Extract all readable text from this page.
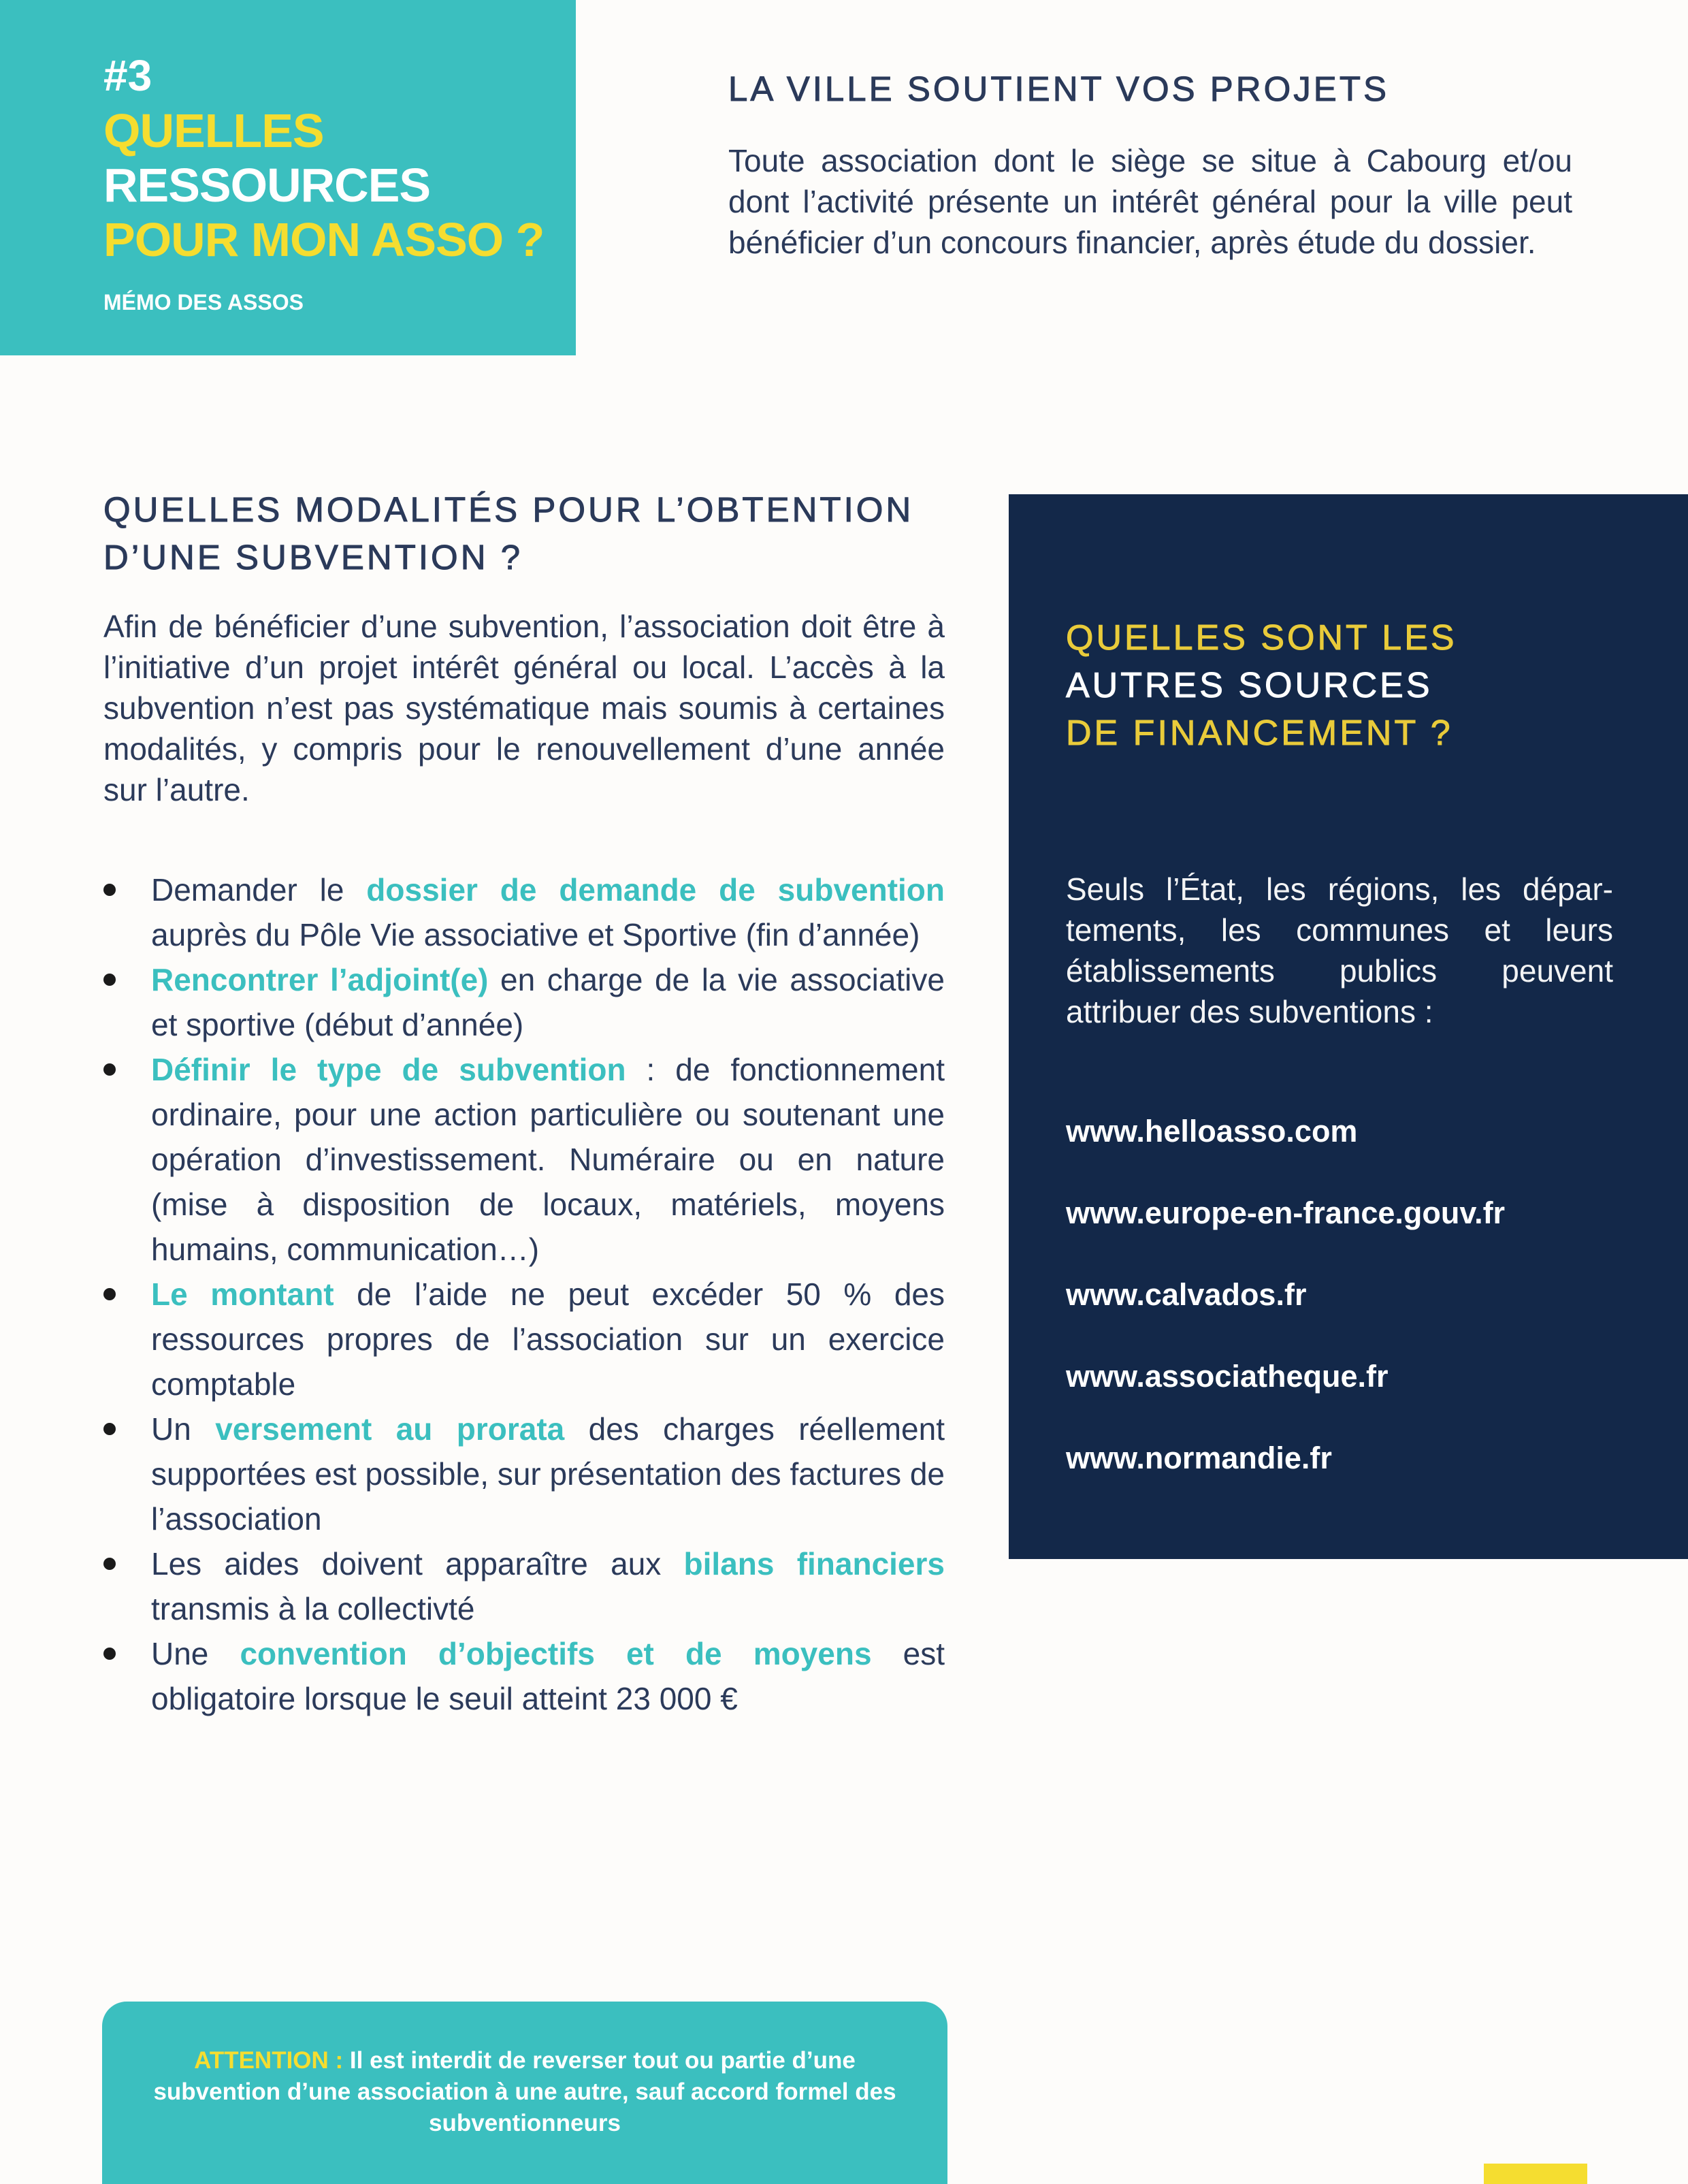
#3
QUELLES
RESSOURCES
POUR MON ASSO ?
MÉMO DES ASSOS
LA VILLE SOUTIENT VOS PROJETS

Toute association dont le siège se situe à Cabourg et/ou dont l’activité présente un intérêt général pour la ville peut bénéficier d’un concours financier, après étude du dossier.

QUELLES MODALITÉS POUR L’OBTENTION
D’UNE SUBVENTION ?

Afin de bénéficier d’une subvention, l’association doit être à l’initiative d’un projet intérêt général ou local. L’accès à la subvention n’est pas systématique mais soumis à certaines modalités, y compris pour le renouvellement d’une année sur l’autre.

Demander le dossier de demande de subvention auprès du Pôle Vie associative et Sportive (fin d’année)
Rencontrer l’adjoint(e) en charge de la vie associative et sportive (début d’année)
Définir le type de subvention : de fonctionnement ordinaire, pour une action particulière ou soutenant une opération d’investissement. Numéraire ou en nature (mise à disposition de locaux, matériels, moyens humains, communication…)
Le montant de l’aide ne peut excéder 50 % des ressources propres de l’association sur un exercice comptable
Un versement au prorata des charges réellement supportées est possible, sur présentation des factures de l’association
Les aides doivent apparaître aux bilans financiers transmis à la collectivté
Une convention d’objectifs et de moyens est obligatoire lorsque le seuil atteint 23 000 €
QUELLES SONT LES
AUTRES SOURCES
DE FINANCEMENT ?

Seuls l’État, les régions, les départements, les communes et leurs établissements publics peuvent attribuer des subventions :

www.helloasso.com
www.europe-en-france.gouv.fr
www.calvados.fr
www.associatheque.fr
www.normandie.fr
ATTENTION : Il est interdit de reverser tout ou partie d’une subvention d’une association à une autre, sauf accord formel des subventionneurs
